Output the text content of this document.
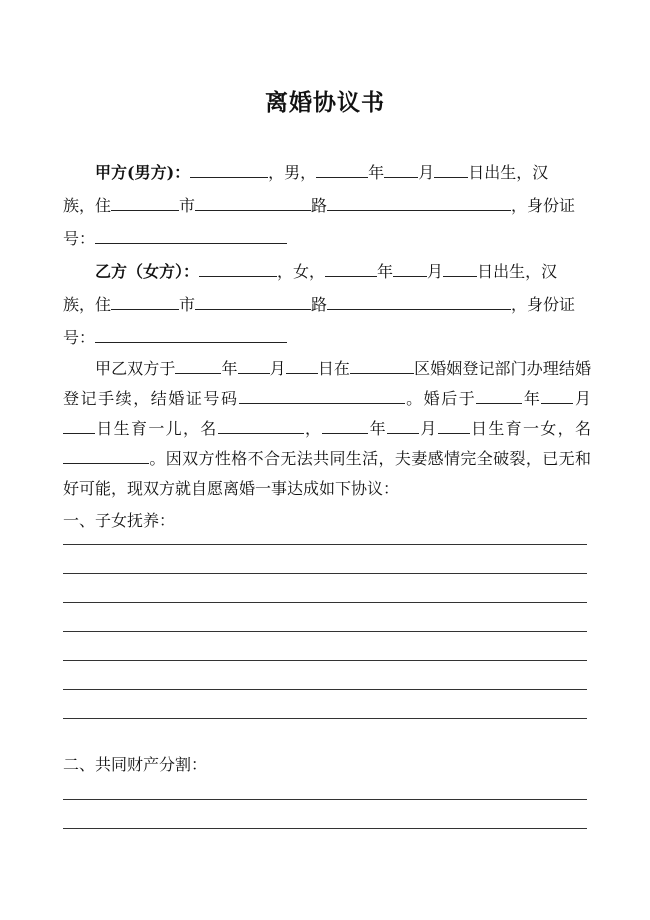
离婚协议书

甲方(男方)：	，男，	年 月 日出生，汉

族，住	市	路	，身份证

号：

乙方（女方）：	，女，	年 月 日出生，汉

族，住	市	路	，身份证

号：

甲乙双方于	年 月 日在	区婚姻登记部门办理结婚登记手续，结婚证号码	。婚后于	年 月日生育一儿，名	，	年 月 日生育一女，名。因双方性格不合无法共同生活，夫妻感情完全破裂，已无和好可能，现双方就自愿离婚一事达成如下协议：

一、子女抚养：

二、共同财产分割：
